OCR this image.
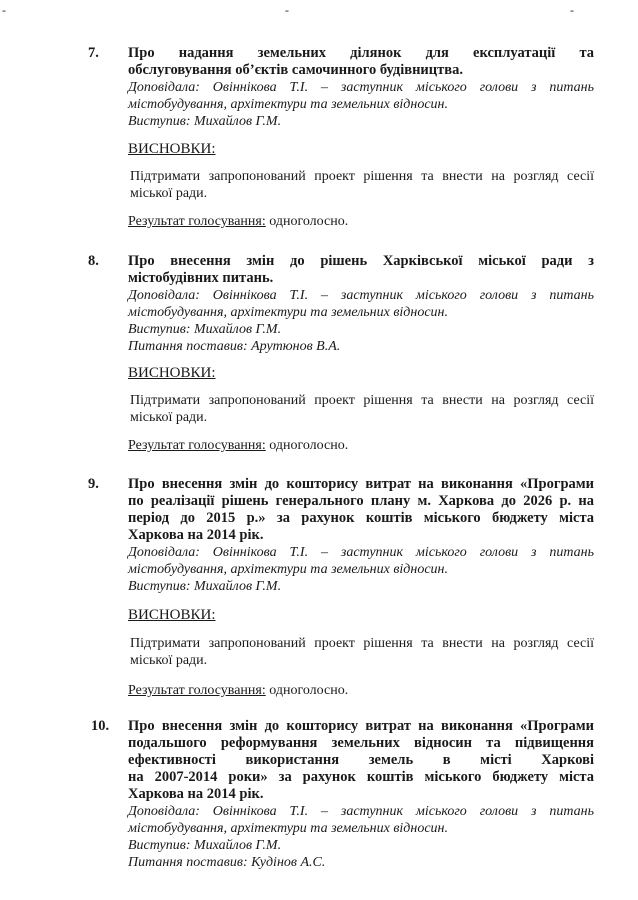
-	-	-
7. Про надання земельних ділянок для експлуатації та
обслуговування об’єктів самочинного будівництва.
Доповідала: Овіннікова Т.І. – заступник міського голови з питань
містобудування, архітектури та земельних відносин.
Виступив: Михайлов Г.М.
ВИСНОВКИ:
Підтримати запропонований проект рішення та внести на розгляд сесії
міської ради.
Результат голосування: одноголосно.
8. Про внесення змін до рішень Харківської міської ради з
містобудівних питань.
Доповідала: Овіннікова Т.І. – заступник міського голови з питань
містобудування, архітектури та земельних відносин.
Виступив: Михайлов Г.М.
Питання поставив: Арутюнов В.А.
ВИСНОВКИ:
Підтримати запропонований проект рішення та внести на розгляд сесії
міської ради.
Результат голосування: одноголосно.
9. Про внесення змін до кошторису витрат на виконання «Програми
по реалізації рішень генерального плану м. Харкова до 2026 р. на
період до 2015 р.» за рахунок коштів міського бюджету міста
Харкова на 2014 рік.
Доповідала: Овіннікова Т.І. – заступник міського голови з питань
містобудування, архітектури та земельних відносин.
Виступив: Михайлов Г.М.
ВИСНОВКИ:
Підтримати запропонований проект рішення та внести на розгляд сесії
міської ради.
Результат голосування: одноголосно.
10. Про внесення змін до кошторису витрат на виконання «Програми
подальшого реформування земельних відносин та підвищення
ефективності використання земель в місті Харкові
на 2007-2014 роки» за рахунок коштів міського бюджету міста
Харкова на 2014 рік.
Доповідала: Овіннікова Т.І. – заступник міського голови з питань
містобудування, архітектури та земельних відносин.
Виступив: Михайлов Г.М.
Питання поставив: Кудінов А.С.
